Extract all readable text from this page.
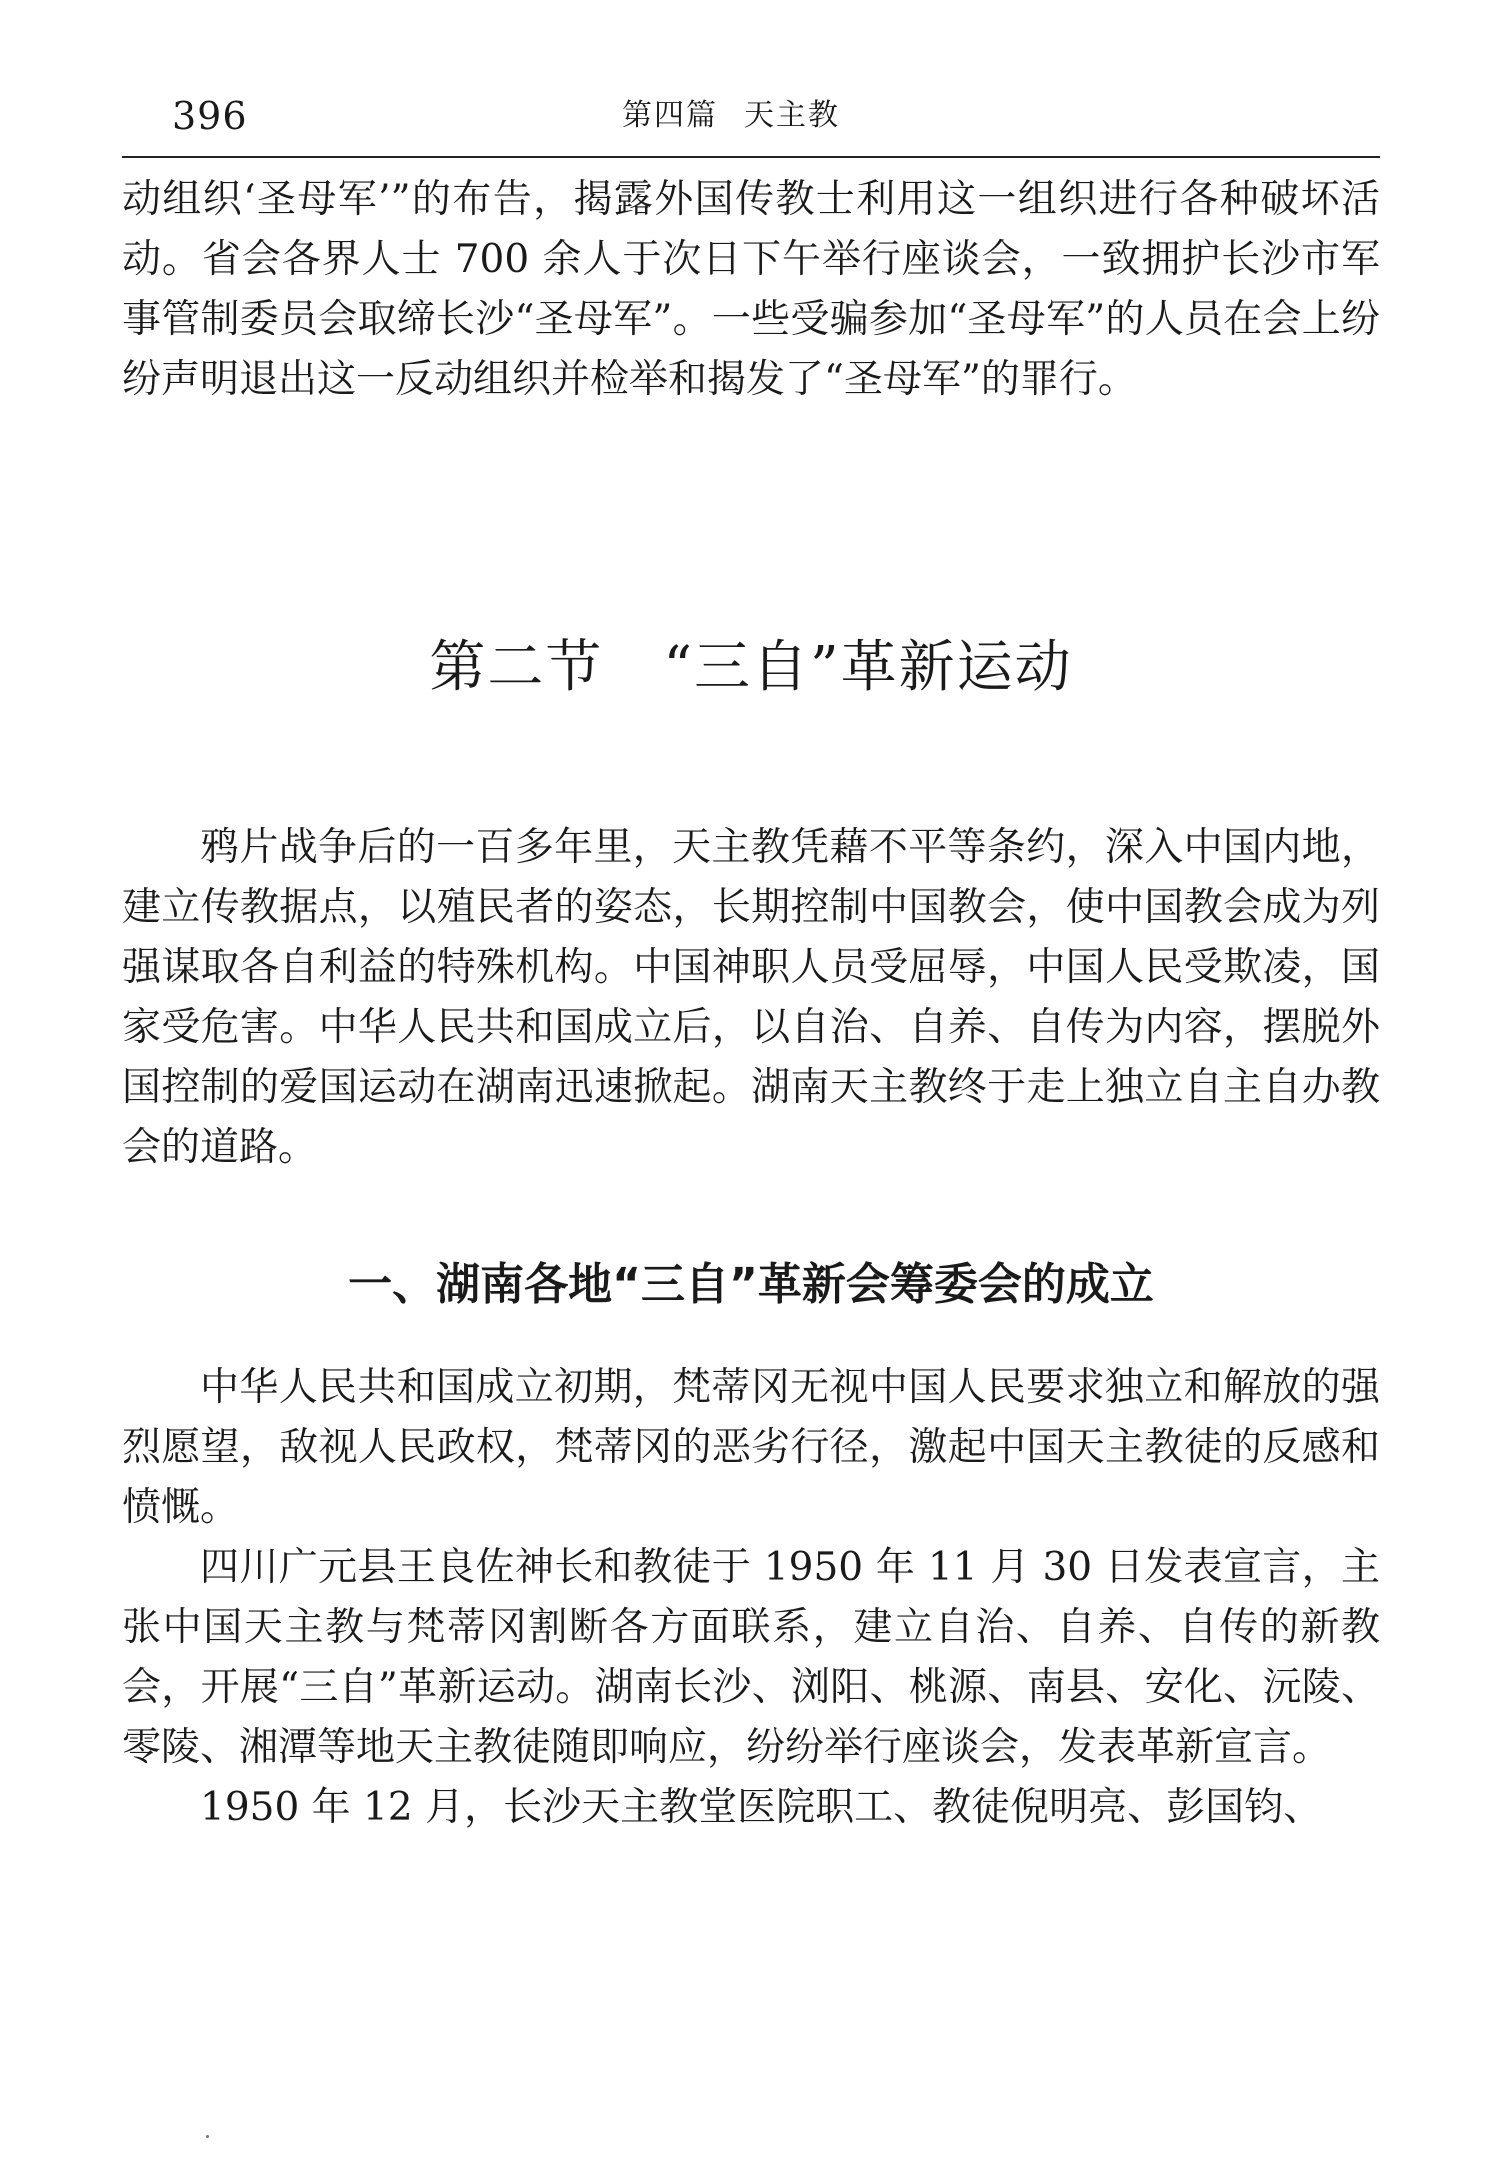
396	第四篇 天主教

动组织‘圣母军’”的布告，揭露外国传教士利用这一组织进行各种破坏活动。省会各界人士 700 余人于次日下午举行座谈会，一致拥护长沙市军事管制委员会取缔长沙“圣母军”。一些受骗参加“圣母军”的人员在会上纷纷声明退出这一反动组织并检举和揭发了“圣母军”的罪行。

第二节 “三自”革新运动

鸦片战争后的一百多年里，天主教凭藉不平等条约，深入中国内地，建立传教据点，以殖民者的姿态，长期控制中国教会，使中国教会成为列强谋取各自利益的特殊机构。中国神职人员受屈辱，中国人民受欺凌，国家受危害。中华人民共和国成立后，以自治、自养、自传为内容，摆脱外国控制的爱国运动在湖南迅速掀起。湖南天主教终于走上独立自主自办教会的道路。

一、湖南各地“三自”革新会筹委会的成立

中华人民共和国成立初期，梵蒂冈无视中国人民要求独立和解放的强烈愿望，敌视人民政权，梵蒂冈的恶劣行径，激起中国天主教徒的反感和愤慨。

四川广元县王良佐神长和教徒于 1950 年 11 月 30 日发表宣言，主张中国天主教与梵蒂冈割断各方面联系，建立自治、自养、自传的新教会，开展“三自”革新运动。湖南长沙、浏阳、桃源、南县、安化、沅陵、零陵、湘潭等地天主教徒随即响应，纷纷举行座谈会，发表革新宣言。

1950 年 12 月，长沙天主教堂医院职工、教徒倪明亮、彭国钧、
